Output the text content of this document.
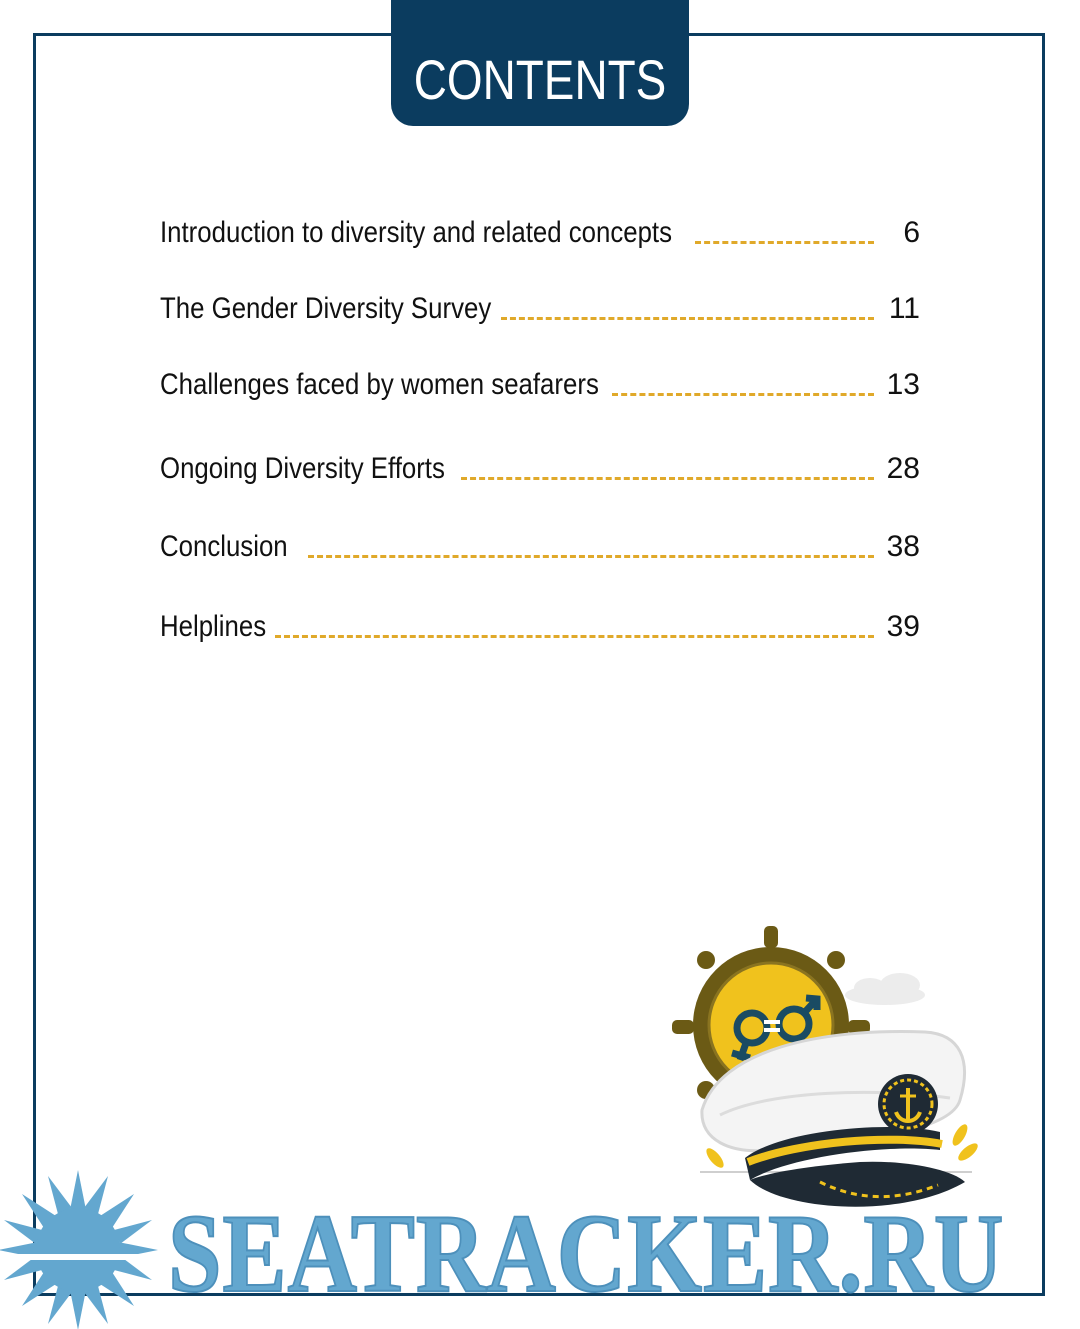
CONTENTS
Introduction to diversity and related concepts	6
The Gender Diversity Survey	11
Challenges faced by women seafarers	13
Ongoing Diversity Efforts	28
Conclusion	38
Helplines	39
SEATRACKER.RU
